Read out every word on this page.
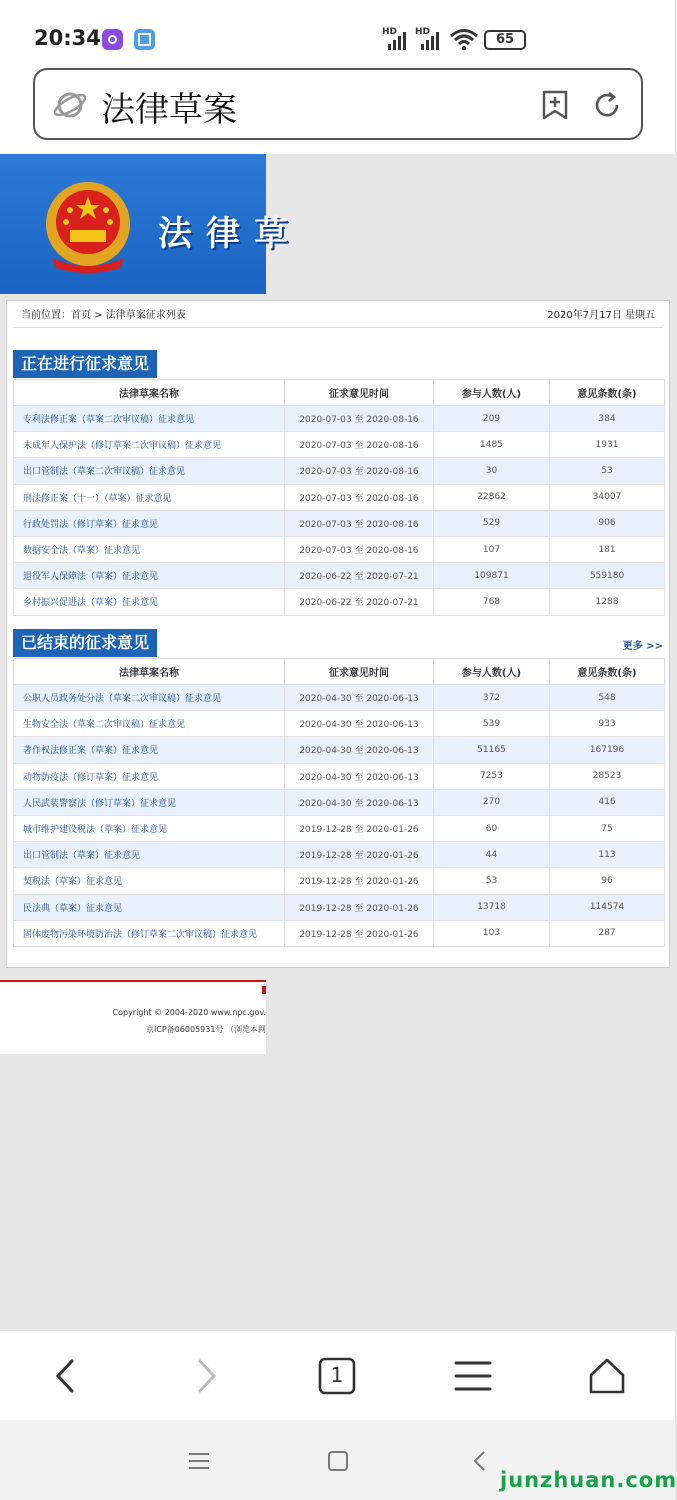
20:34	HD HD	65
法律草案
法律草
当前位置：首页 > 法律草案征求列表	2020年7月17日 星期五
正在进行征求意见
法律草案名称	征求意见时间	参与人数(人)	意见条数(条)
专利法修正案（草案二次审议稿）征求意见	2020-07-03 至 2020-08-16	209	384
未成年人保护法（修订草案二次审议稿）征求意见	2020-07-03 至 2020-08-16	1485	1931
出口管制法（草案二次审议稿）征求意见	2020-07-03 至 2020-08-16	30	53
刑法修正案（十一）（草案）征求意见	2020-07-03 至 2020-08-16	22862	34007
行政处罚法（修订草案）征求意见	2020-07-03 至 2020-08-16	529	906
数据安全法（草案）征求意见	2020-07-03 至 2020-08-16	107	181
退役军人保障法（草案）征求意见	2020-06-22 至 2020-07-21	109871	559180
乡村振兴促进法（草案）征求意见	2020-06-22 至 2020-07-21	768	1288
已结束的征求意见	更多 >>
法律草案名称	征求意见时间	参与人数(人)	意见条数(条)
公职人员政务处分法（草案二次审议稿）征求意见	2020-04-30 至 2020-06-13	372	548
生物安全法（草案二次审议稿）征求意见	2020-04-30 至 2020-06-13	539	933
著作权法修正案（草案）征求意见	2020-04-30 至 2020-06-13	51165	167196
动物防疫法（修订草案）征求意见	2020-04-30 至 2020-06-13	7253	28523
人民武装警察法（修订草案）征求意见	2020-04-30 至 2020-06-13	270	416
城市维护建设税法（草案）征求意见	2019-12-28 至 2020-01-26	60	75
出口管制法（草案）征求意见	2019-12-28 至 2020-01-26	44	113
契税法（草案）征求意见	2019-12-28 至 2020-01-26	53	96
民法典（草案）征求意见	2019-12-28 至 2020-01-26	13718	114574
固体废物污染环境防治法（修订草案二次审议稿）征求意见	2019-12-28 至 2020-01-26	103	287
Copyright © 2004-2020 www.npc.gov.
京ICP备06005931号 （浏览本网
1
junzhuan.com
